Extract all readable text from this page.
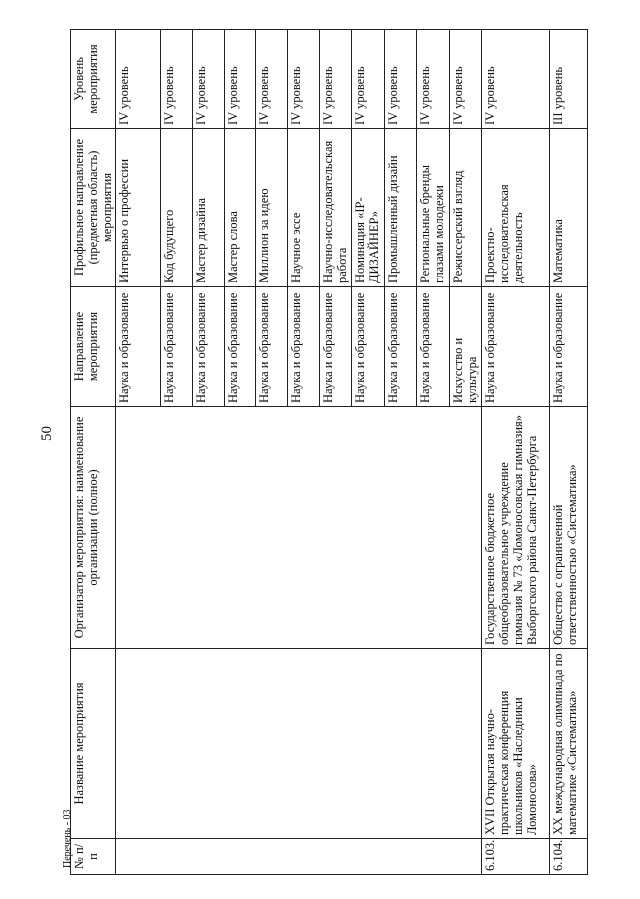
50
Перечень - 03 № п/п	Название мероприятия	Организатор мероприятия: наименование организации (полное)	Направление мероприятия	Профильное направление (предметная область) мероприятия	Уровень мероприятия
			Наука и образование	Интервью о профессии	IV уровень
			Наука и образование	Код будущего	IV уровень
			Наука и образование	Мастер дизайна	IV уровень
			Наука и образование	Мастер слова	IV уровень
			Наука и образование	Миллион за идею	IV уровень
			Наука и образование	Научное эссе	IV уровень
			Наука и образование	Научно-исследовательская работа	IV уровень
			Наука и образование	Номинация «IP-ДИЗАЙНЕР»	IV уровень
			Наука и образование	Промышленный дизайн	IV уровень
			Наука и образование	Региональные бренды глазами молодежи	IV уровень
			Искусство и культура	Режиссерский взгляд	IV уровень
6.103.	XVII Открытая научно-практическая конференция школьников «Наследники Ломоносова»	Государственное бюджетное общеобразовательное учреждение гимназия № 73 «Ломоносовская гимназия» Выборгского района Санкт-Петербурга	Наука и образование	Проектно-исследовательская деятельность	IV уровень
6.104.	XX международная олимпиада по математике «Систематика»	Общество с ограниченной ответственностью «Систематика»	Наука и образование	Математика	III уровень
